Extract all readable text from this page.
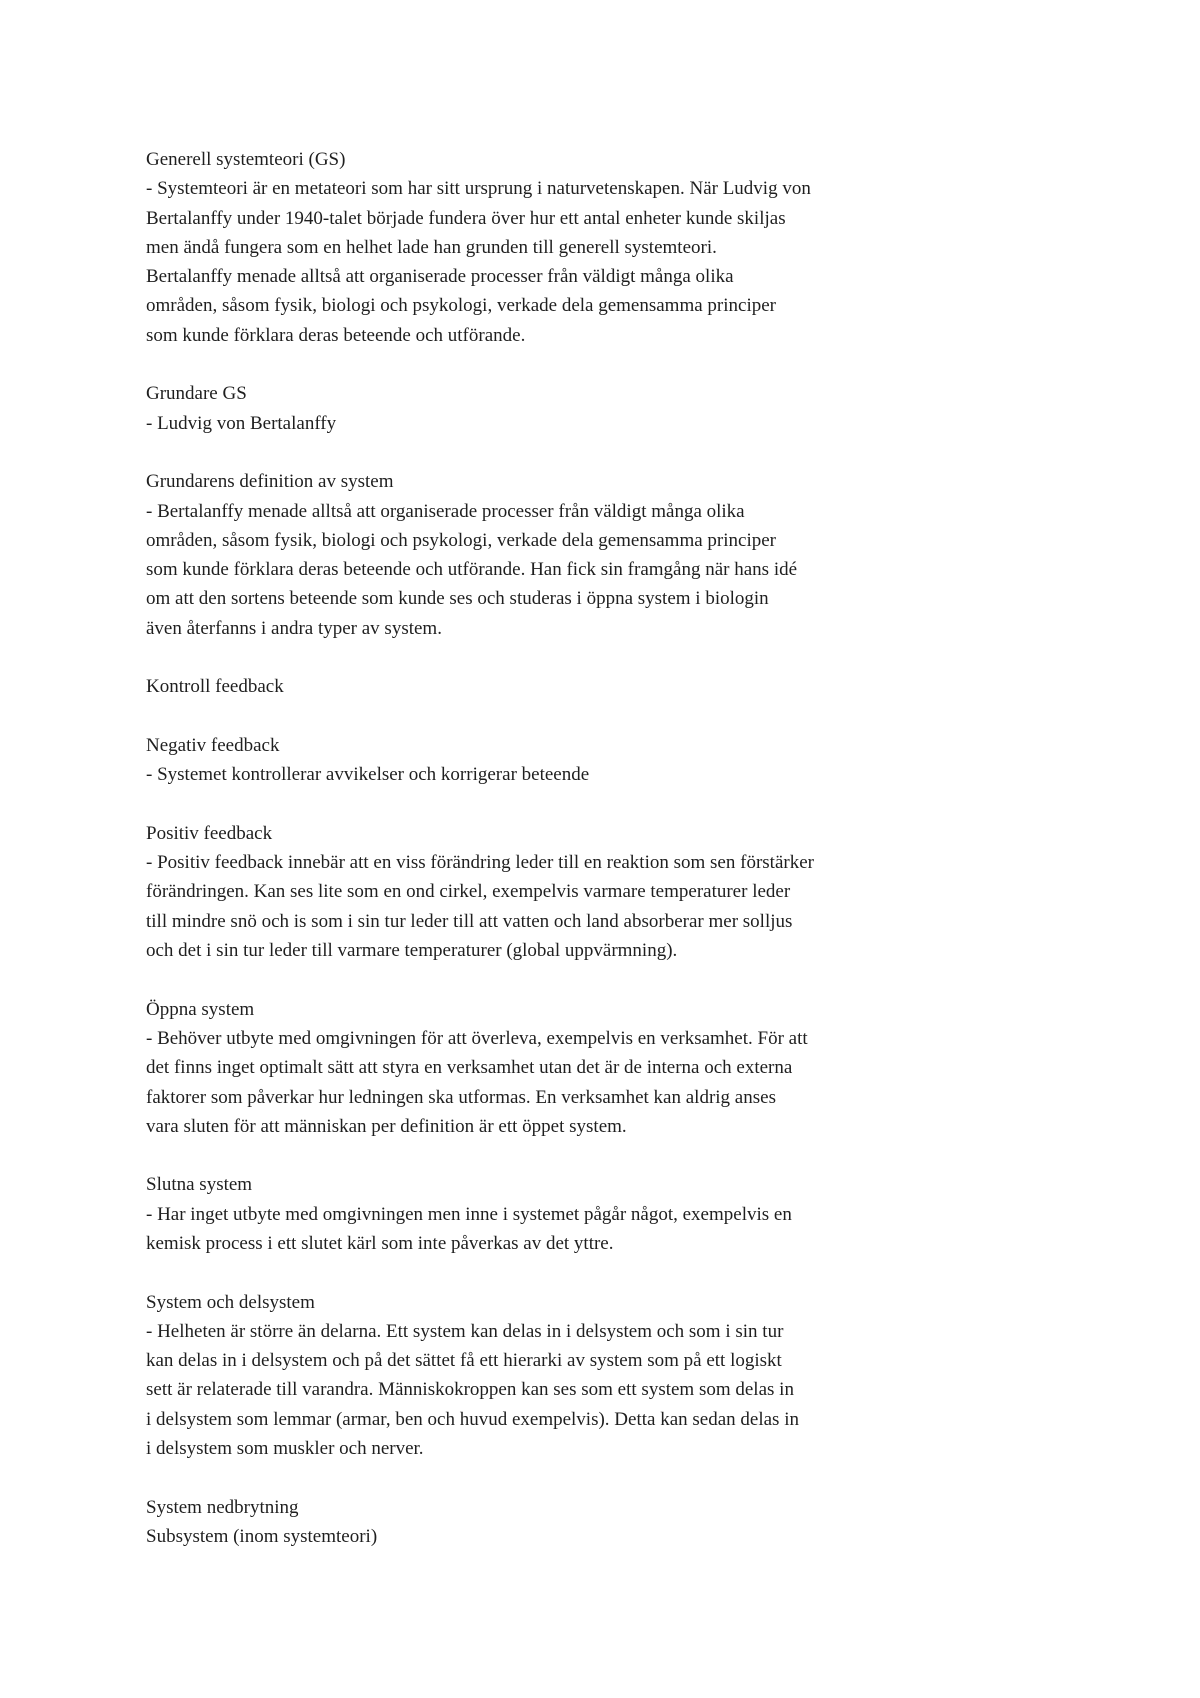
Generell systemteori (GS)
- Systemteori är en metateori som har sitt ursprung i naturvetenskapen. När Ludvig von
Bertalanffy under 1940-talet började fundera över hur ett antal enheter kunde skiljas
men ändå fungera som en helhet lade han grunden till generell systemteori.
Bertalanffy menade alltså att organiserade processer från väldigt många olika
områden, såsom fysik, biologi och psykologi, verkade dela gemensamma principer
som kunde förklara deras beteende och utförande.
Grundare GS
- Ludvig von Bertalanffy
Grundarens definition av system
- Bertalanffy menade alltså att organiserade processer från väldigt många olika
områden, såsom fysik, biologi och psykologi, verkade dela gemensamma principer
som kunde förklara deras beteende och utförande. Han fick sin framgång när hans idé
om att den sortens beteende som kunde ses och studeras i öppna system i biologin
även återfanns i andra typer av system.
Kontroll feedback
Negativ feedback
- Systemet kontrollerar avvikelser och korrigerar beteende
Positiv feedback
- Positiv feedback innebär att en viss förändring leder till en reaktion som sen förstärker
förändringen. Kan ses lite som en ond cirkel, exempelvis varmare temperaturer leder
till mindre snö och is som i sin tur leder till att vatten och land absorberar mer solljus
och det i sin tur leder till varmare temperaturer (global uppvärmning).
Öppna system
- Behöver utbyte med omgivningen för att överleva, exempelvis en verksamhet. För att
det finns inget optimalt sätt att styra en verksamhet utan det är de interna och externa
faktorer som påverkar hur ledningen ska utformas. En verksamhet kan aldrig anses
vara sluten för att människan per definition är ett öppet system.
Slutna system
- Har inget utbyte med omgivningen men inne i systemet pågår något, exempelvis en
kemisk process i ett slutet kärl som inte påverkas av det yttre.
System och delsystem
- Helheten är större än delarna. Ett system kan delas in i delsystem och som i sin tur
kan delas in i delsystem och på det sättet få ett hierarki av system som på ett logiskt
sett är relaterade till varandra. Människokroppen kan ses som ett system som delas in
i delsystem som lemmar (armar, ben och huvud exempelvis). Detta kan sedan delas in
i delsystem som muskler och nerver.
System nedbrytning
Subsystem (inom systemteori)
